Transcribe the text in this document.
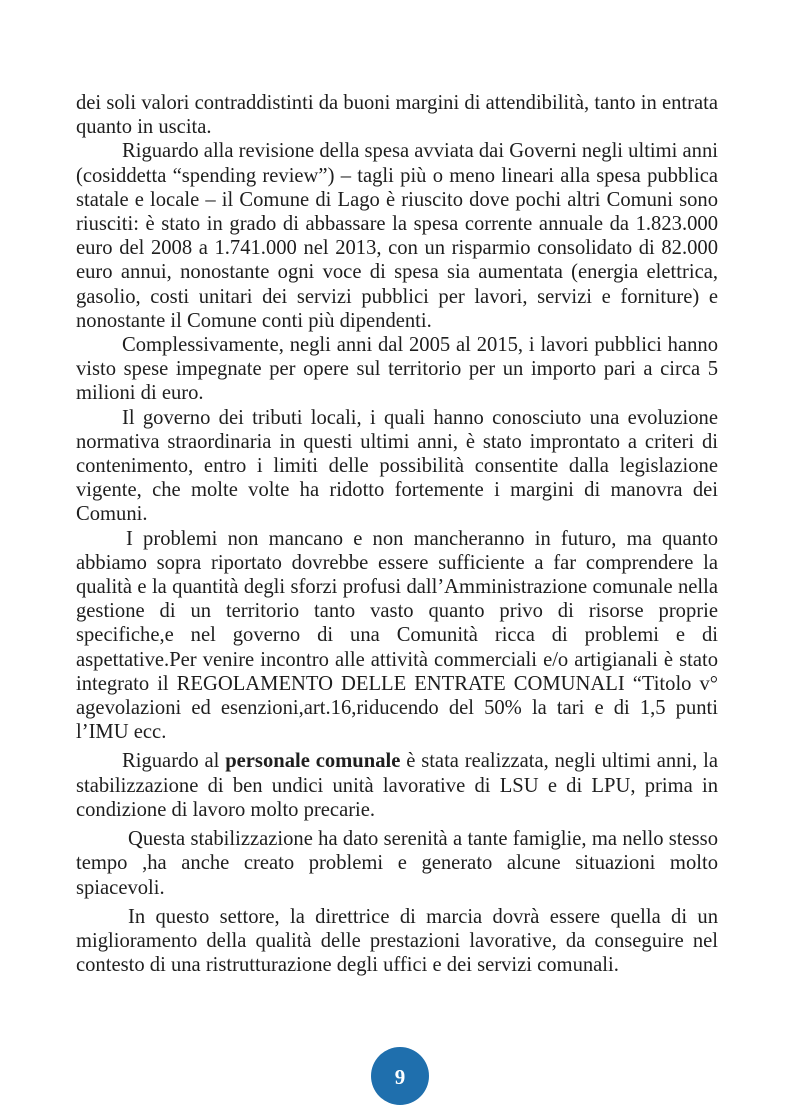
dei soli valori contraddistinti da buoni margini di attendibilità, tanto in entrata quanto in uscita.

Riguardo alla revisione della spesa avviata dai Governi negli ultimi anni (cosiddetta “spending review”) – tagli più o meno lineari alla spesa pubblica statale e locale – il Comune di Lago è riuscito dove pochi altri Comuni sono riusciti: è stato in grado di abbassare la spesa corrente annuale da 1.823.000 euro del 2008 a 1.741.000 nel 2013, con un risparmio consolidato di 82.000 euro annui, nonostante ogni voce di spesa sia aumentata (energia elettrica, gasolio, costi unitari dei servizi pubblici per lavori, servizi e forniture) e nonostante il Comune conti più dipendenti.

Complessivamente, negli anni dal 2005 al 2015, i lavori pubblici hanno visto spese impegnate per opere sul territorio per un importo pari a circa 5 milioni di euro.

Il governo dei tributi locali, i quali hanno conosciuto una evoluzione normativa straordinaria in questi ultimi anni, è stato improntato a criteri di contenimento, entro i limiti delle possibilità consentite dalla legislazione vigente, che molte volte ha ridotto fortemente i margini di manovra dei Comuni.

I problemi non mancano e non mancheranno in futuro, ma quanto abbiamo sopra riportato dovrebbe essere sufficiente a far comprendere la qualità e la quantità degli sforzi profusi dall’Amministrazione comunale nella gestione di un territorio tanto vasto quanto privo di risorse proprie specifiche,e nel governo di una Comunità ricca di problemi e di aspettative.Per venire incontro alle attività commerciali e/o artigianali è stato integrato il REGOLAMENTO DELLE ENTRATE COMUNALI “Titolo v° agevolazioni ed esenzioni,art.16,riducendo del 50% la tari e di 1,5 punti l’IMU ecc.

Riguardo al personale comunale è stata realizzata, negli ultimi anni, la stabilizzazione di ben undici unità lavorative di LSU e di LPU, prima in condizione di lavoro molto precarie.

Questa stabilizzazione ha dato serenità a tante famiglie, ma nello stesso tempo ,ha anche creato problemi e generato alcune situazioni molto spiacevoli.

In questo settore, la direttrice di marcia dovrà essere quella di un miglioramento della qualità delle prestazioni lavorative, da conseguire nel contesto di una ristrutturazione degli uffici e dei servizi comunali.

9
